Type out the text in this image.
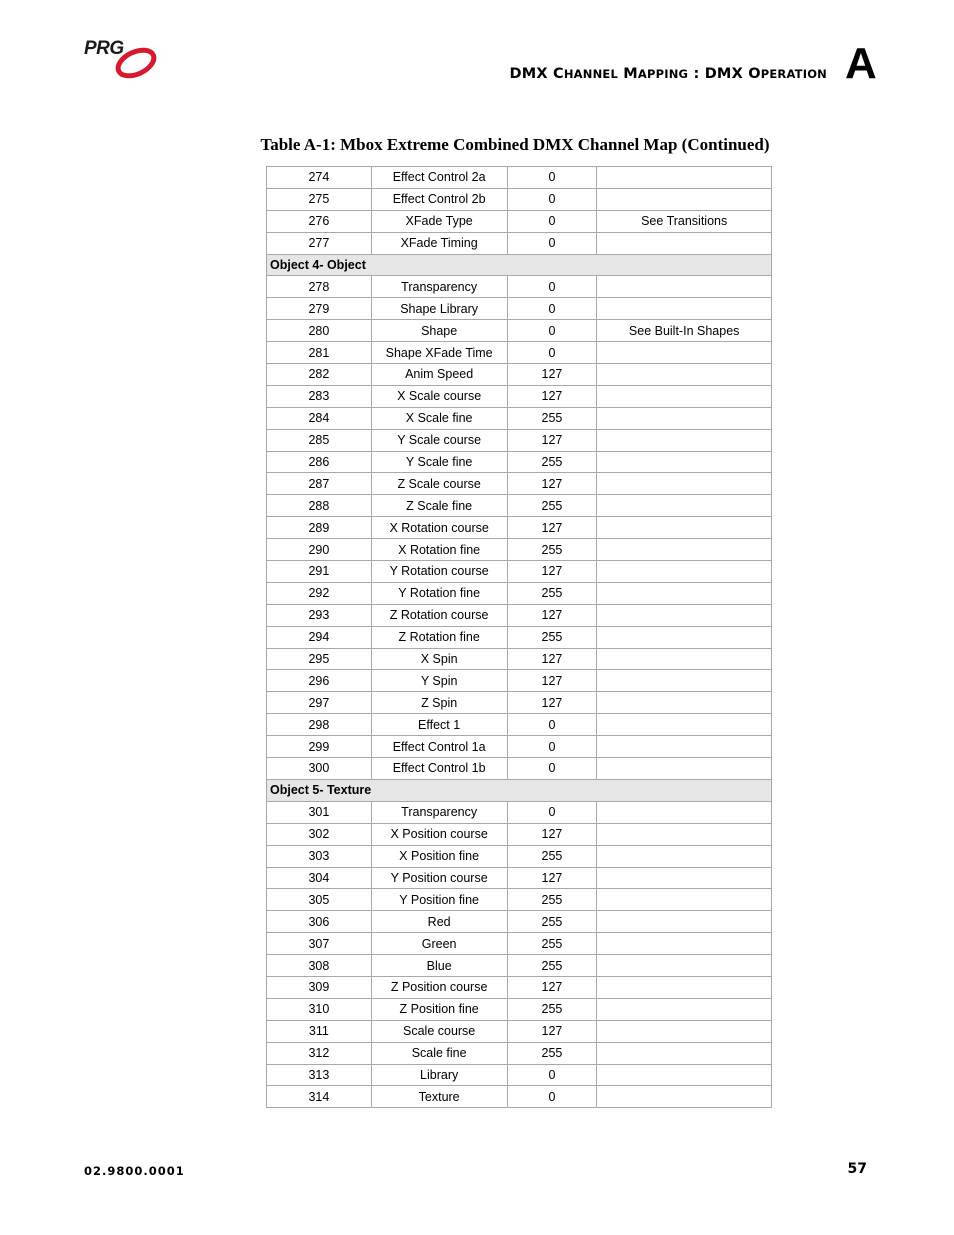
PRG
DMX CHANNEL MAPPING : DMX OPERATION A
Table A-1: Mbox Extreme Combined DMX Channel Map (Continued)
274	Effect Control 2a	0	
275	Effect Control 2b	0	
276	XFade Type	0	See Transitions
277	XFade Timing	0	
Object 4- Object			
278	Transparency	0	
279	Shape Library	0	
280	Shape	0	See Built-In Shapes
281	Shape XFade Time	0	
282	Anim Speed	127	
283	X Scale course	127	
284	X Scale fine	255	
285	Y Scale course	127	
286	Y Scale fine	255	
287	Z Scale course	127	
288	Z Scale fine	255	
289	X Rotation course	127	
290	X Rotation fine	255	
291	Y Rotation course	127	
292	Y Rotation fine	255	
293	Z Rotation course	127	
294	Z Rotation fine	255	
295	X Spin	127	
296	Y Spin	127	
297	Z Spin	127	
298	Effect 1	0	
299	Effect Control 1a	0	
300	Effect Control 1b	0	
Object 5- Texture			
301	Transparency	0	
302	X Position course	127	
303	X Position fine	255	
304	Y Position course	127	
305	Y Position fine	255	
306	Red	255	
307	Green	255	
308	Blue	255	
309	Z Position course	127	
310	Z Position fine	255	
311	Scale course	127	
312	Scale fine	255	
313	Library	0	
314	Texture	0	
02.9800.0001	57
